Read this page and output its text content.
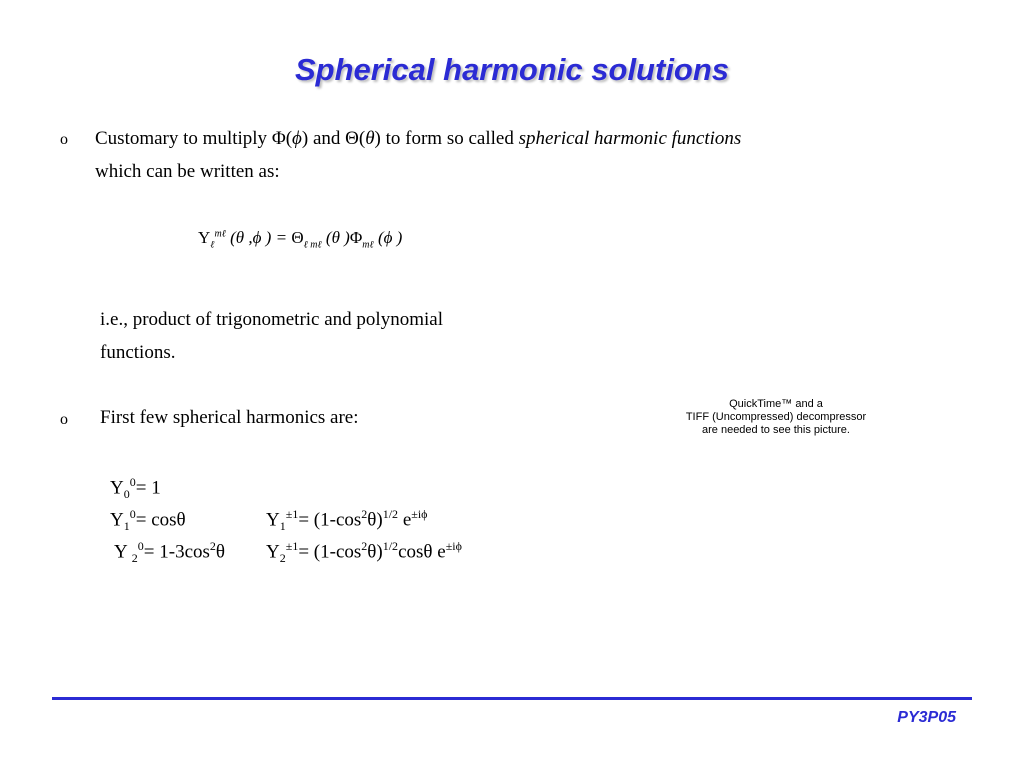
Spherical harmonic solutions
o Customary to multiply Φ(ϕ) and Θ(θ) to form so called spherical harmonic functions
which can be written as:
$Y_\ell^{m\ell}$ (θ ,ϕ ) = $\Theta_{\ell m\ell}$ (θ )$\Phi_{m\ell}$ (ϕ )
i.e., product of trigonometric and polynomial
functions.
o First few spherical harmonics are:
QuickTime™ and a
TIFF (Uncompressed) decompressor
are needed to see this picture.
$Y_0^0= 1$
$Y_1^0= \cos\theta$	$Y_1^{\pm 1}= (1-\cos^2\theta)^{1/2}$ $e^{\pm i\phi}$
Y $_2^0= 1-3\cos^2\theta$ $Y_2^{\pm 1}= (1-\cos^2\theta)^{1/2}\cos\theta$ $e^{\pm i\phi}$
PY3P05
